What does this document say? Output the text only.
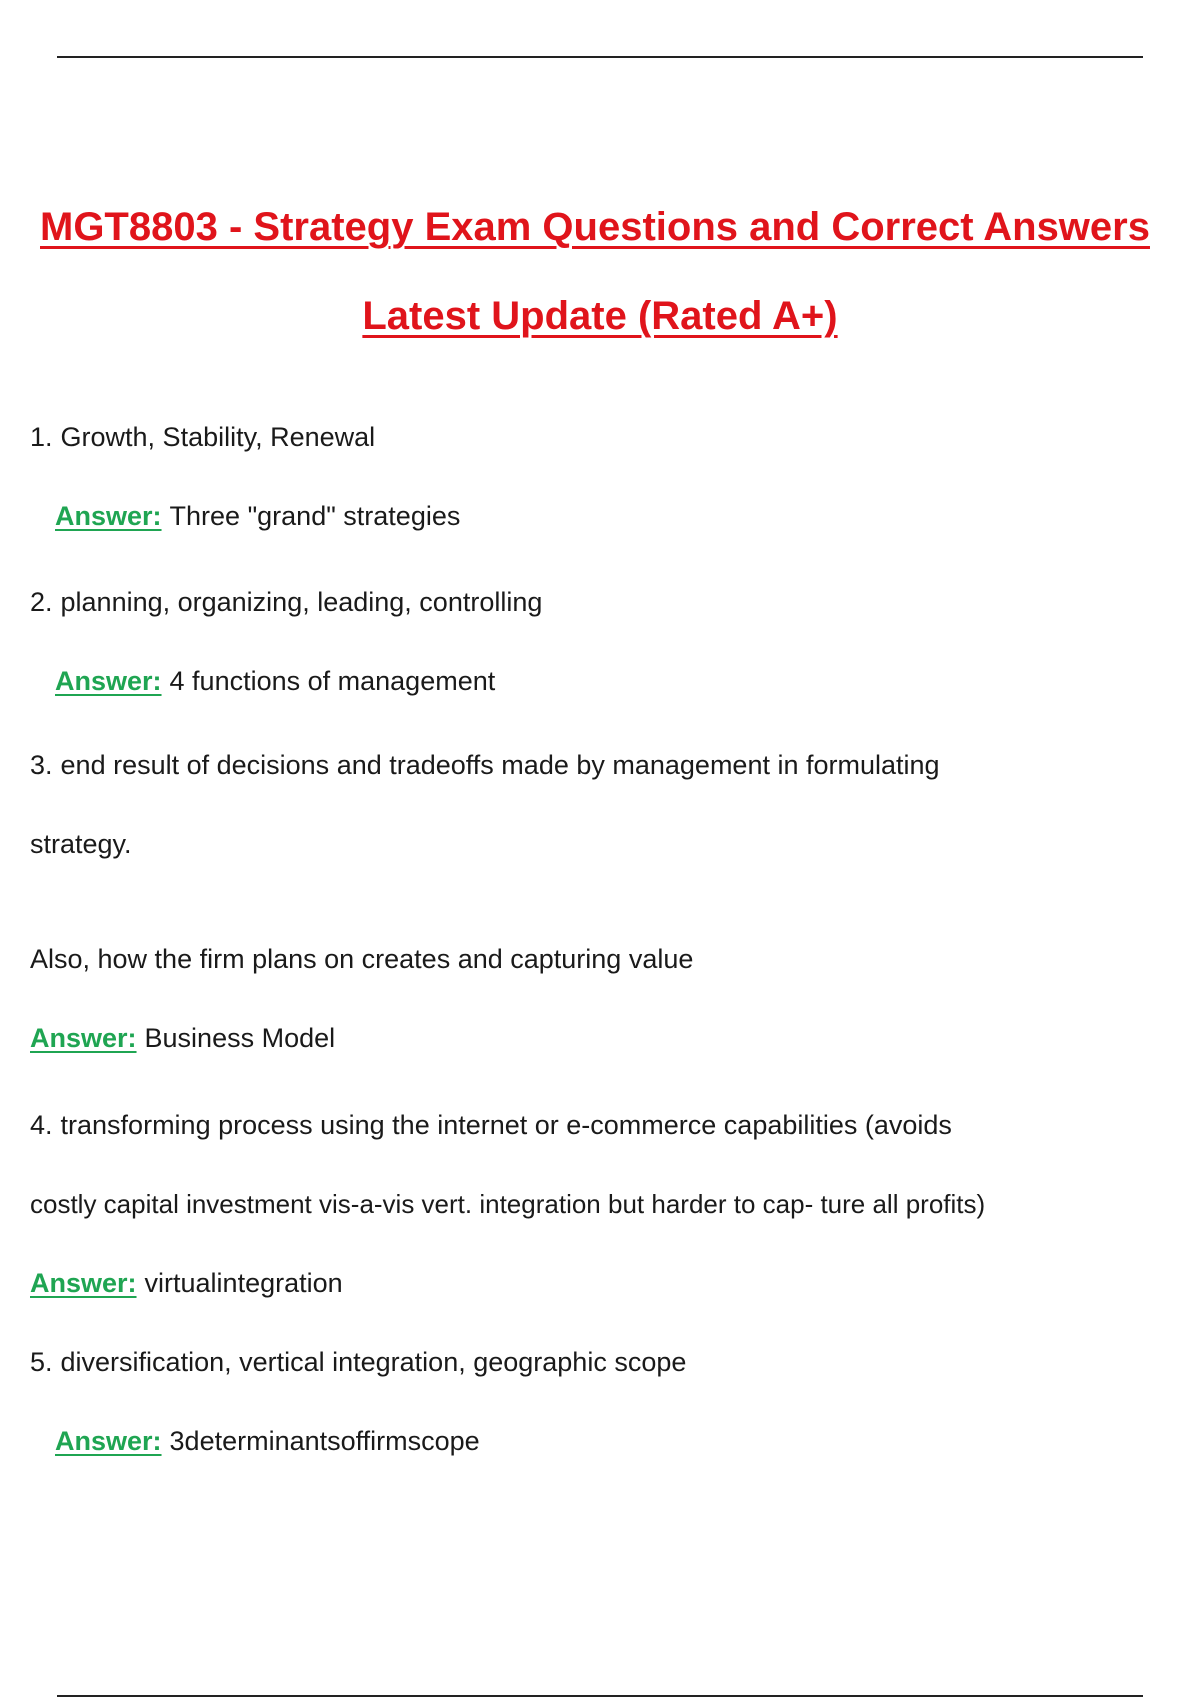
MGT8803 - Strategy Exam Questions and Correct Answers
Latest Update (Rated A+)
1. Growth, Stability, Renewal
Answer: Three "grand" strategies
2. planning, organizing, leading, controlling
Answer: 4 functions of management
3. end result of decisions and tradeoffs made by management in formulating
strategy.
Also, how the firm plans on creates and capturing value
Answer: Business Model
4. transforming process using the internet or e-commerce capabilities (avoids
costly capital investment vis-a-vis vert. integration but harder to cap- ture all profits)
Answer: virtualintegration
5. diversification, vertical integration, geographic scope
Answer: 3determinantsoffirmscope
